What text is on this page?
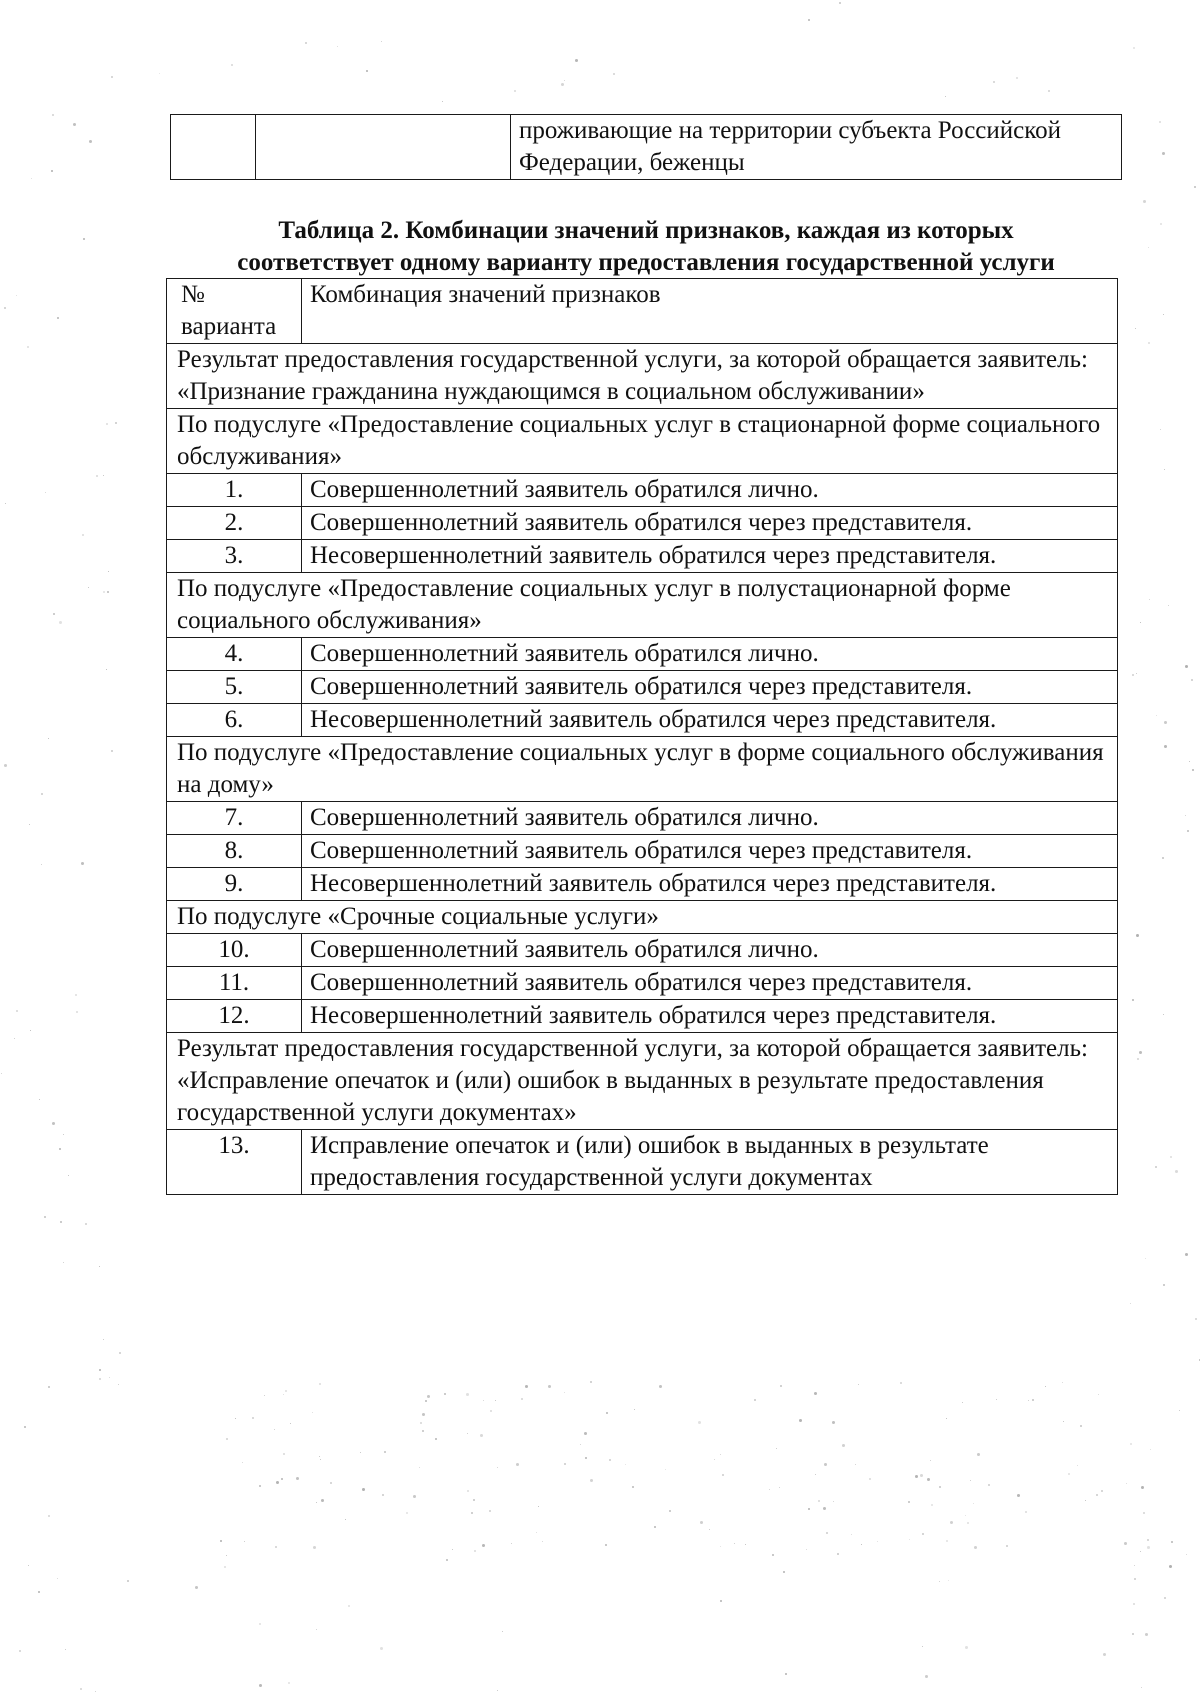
		проживающие на территории субъекта Российской Федерации, беженцы
Таблица 2. Комбинации значений признаков, каждая из которых
соответствует одному варианту предоставления государственной услуги
№ варианта	Комбинация значений признаков
Результат предоставления государственной услуги, за которой обращается заявитель: «Признание гражданина нуждающимся в социальном обслуживании»	
По подуслуге «Предоставление социальных услуг в стационарной форме социального обслуживания»	
1.	Совершеннолетний заявитель обратился лично.
2.	Совершеннолетний заявитель обратился через представителя.
3.	Несовершеннолетний заявитель обратился через представителя.
По подуслуге «Предоставление социальных услуг в полустационарной форме социального обслуживания»	
4.	Совершеннолетний заявитель обратился лично.
5.	Совершеннолетний заявитель обратился через представителя.
6.	Несовершеннолетний заявитель обратился через представителя.
По подуслуге «Предоставление социальных услуг в форме социального обслуживания на дому»	
7.	Совершеннолетний заявитель обратился лично.
8.	Совершеннолетний заявитель обратился через представителя.
9.	Несовершеннолетний заявитель обратился через представителя.
По подуслуге «Срочные социальные услуги»	
10.	Совершеннолетний заявитель обратился лично.
11.	Совершеннолетний заявитель обратился через представителя.
12.	Несовершеннолетний заявитель обратился через представителя.
Результат предоставления государственной услуги, за которой обращается заявитель: «Исправление опечаток и (или) ошибок в выданных в результате предоставления государственной услуги документах»	
13.	Исправление опечаток и (или) ошибок в выданных в результате предоставления государственной услуги документах
